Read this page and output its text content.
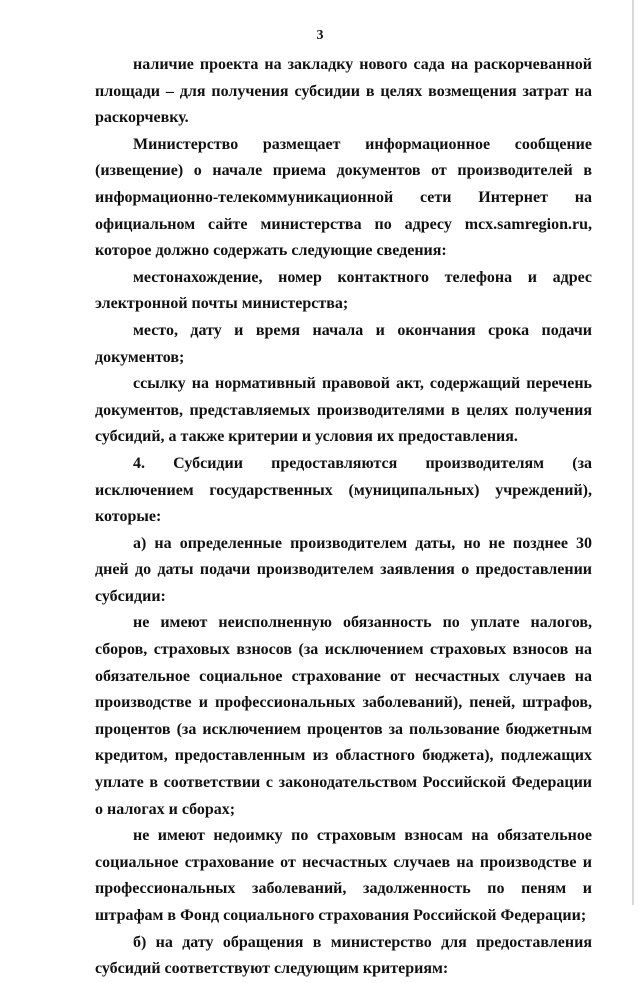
3

наличие проекта на закладку нового сада на раскорчеванной площади – для получения субсидии в целях возмещения затрат на раскорчевку.

Министерство размещает информационное сообщение (извещение) о начале приема документов от производителей в информационно-телекоммуникационной сети Интернет на официальном сайте министерства по адресу mcx.samregion.ru, которое должно содержать следующие сведения:

местонахождение, номер контактного телефона и адрес электронной почты министерства;

место, дату и время начала и окончания срока подачи документов;

ссылку на нормативный правовой акт, содержащий перечень документов, представляемых производителями в целях получения субсидий, а также критерии и условия их предоставления.

4. Субсидии предоставляются производителям (за исключением государственных (муниципальных) учреждений), которые:

а) на определенные производителем даты, но не позднее 30 дней до даты подачи производителем заявления о предоставлении субсидии:

не имеют неисполненную обязанность по уплате налогов, сборов, страховых взносов (за исключением страховых взносов на обязательное социальное страхование от несчастных случаев на производстве и профессиональных заболеваний), пеней, штрафов, процентов (за исключением процентов за пользование бюджетным кредитом, предоставленным из областного бюджета), подлежащих уплате в соответствии с законодательством Российской Федерации о налогах и сборах;

не имеют недоимку по страховым взносам на обязательное социальное страхование от несчастных случаев на производстве и профессиональных заболеваний, задолженность по пеням и штрафам в Фонд социального страхования Российской Федерации;

б) на дату обращения в министерство для предоставления субсидий соответствуют следующим критериям:
